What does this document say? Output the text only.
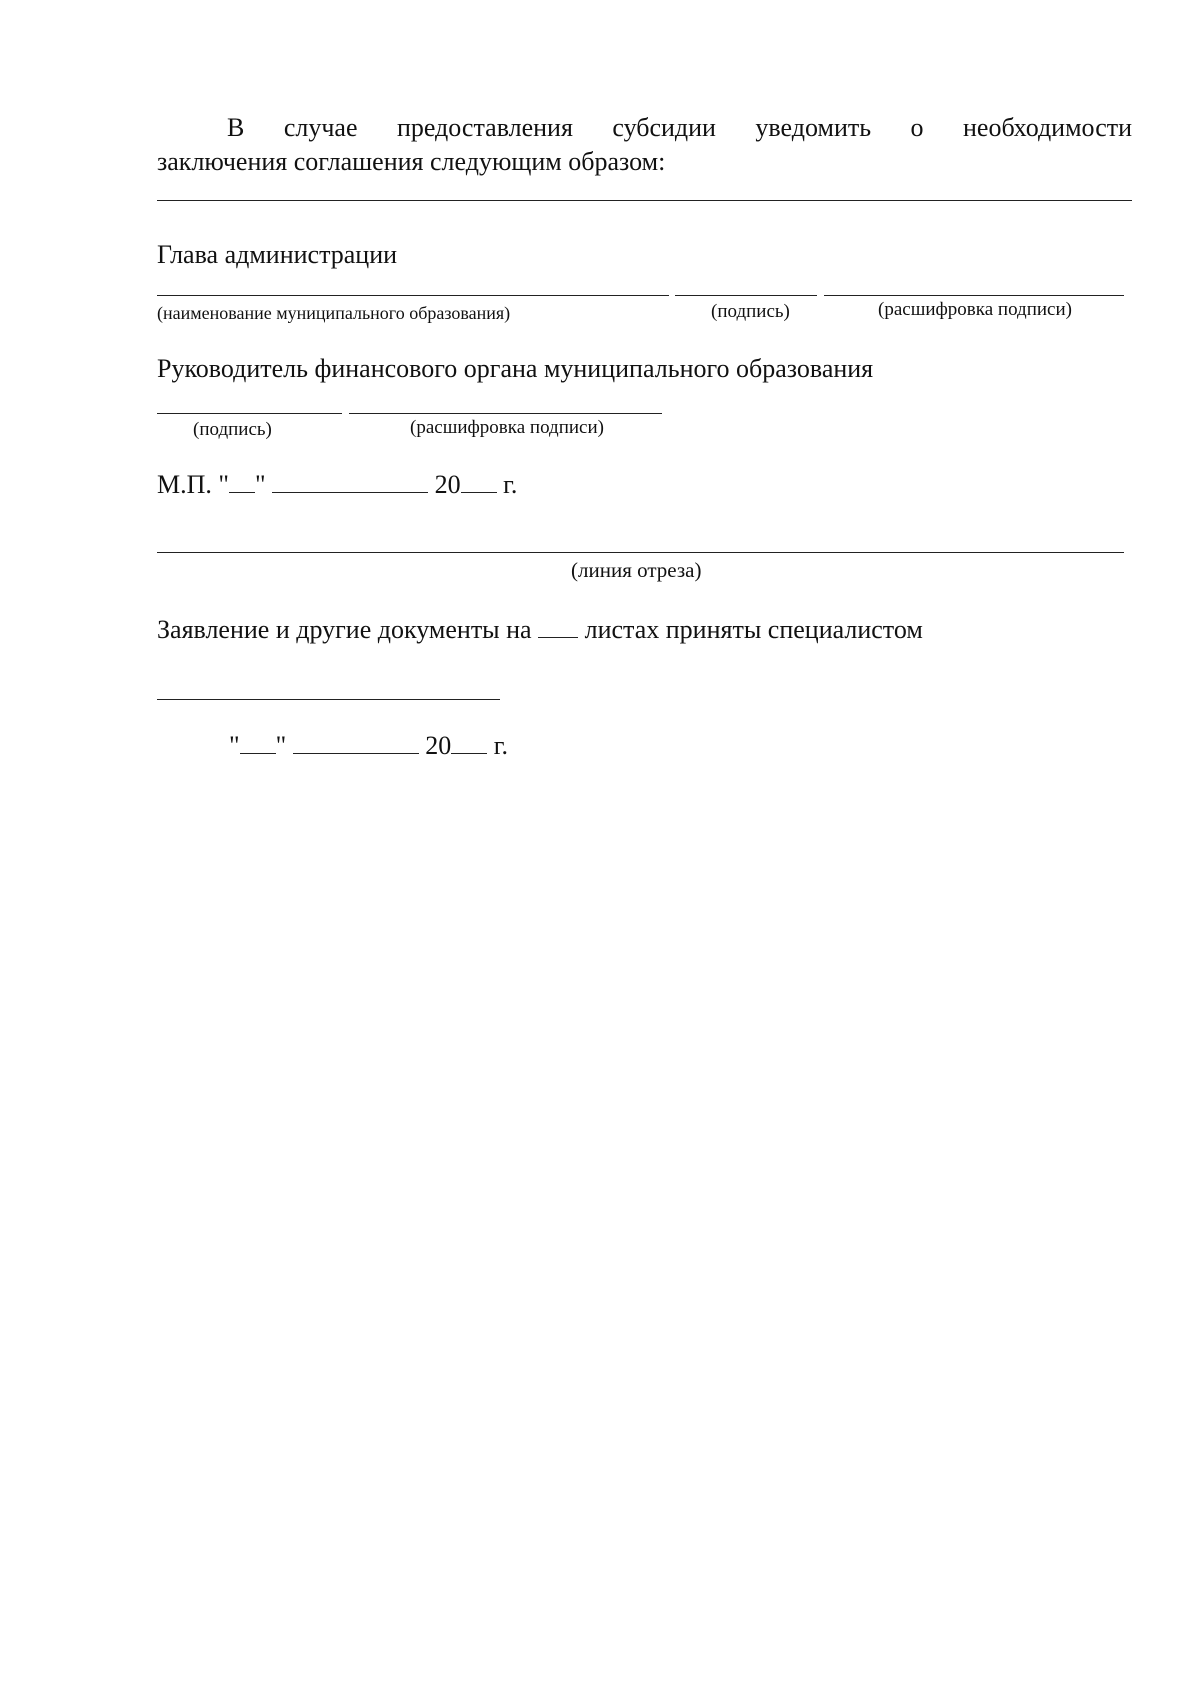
В случае предоставления субсидии уведомить о необходимости
заключения соглашения следующим образом:
Глава администрации
(наименование муниципального образования)	(подпись)	(расшифровка подписи)
Руководитель финансового органа муниципального образования
(подпись)	(расшифровка подписи)
М.П. " "	20 г.
(линия отреза)
Заявление и другие документы на листах приняты специалистом
" "	20 г.
